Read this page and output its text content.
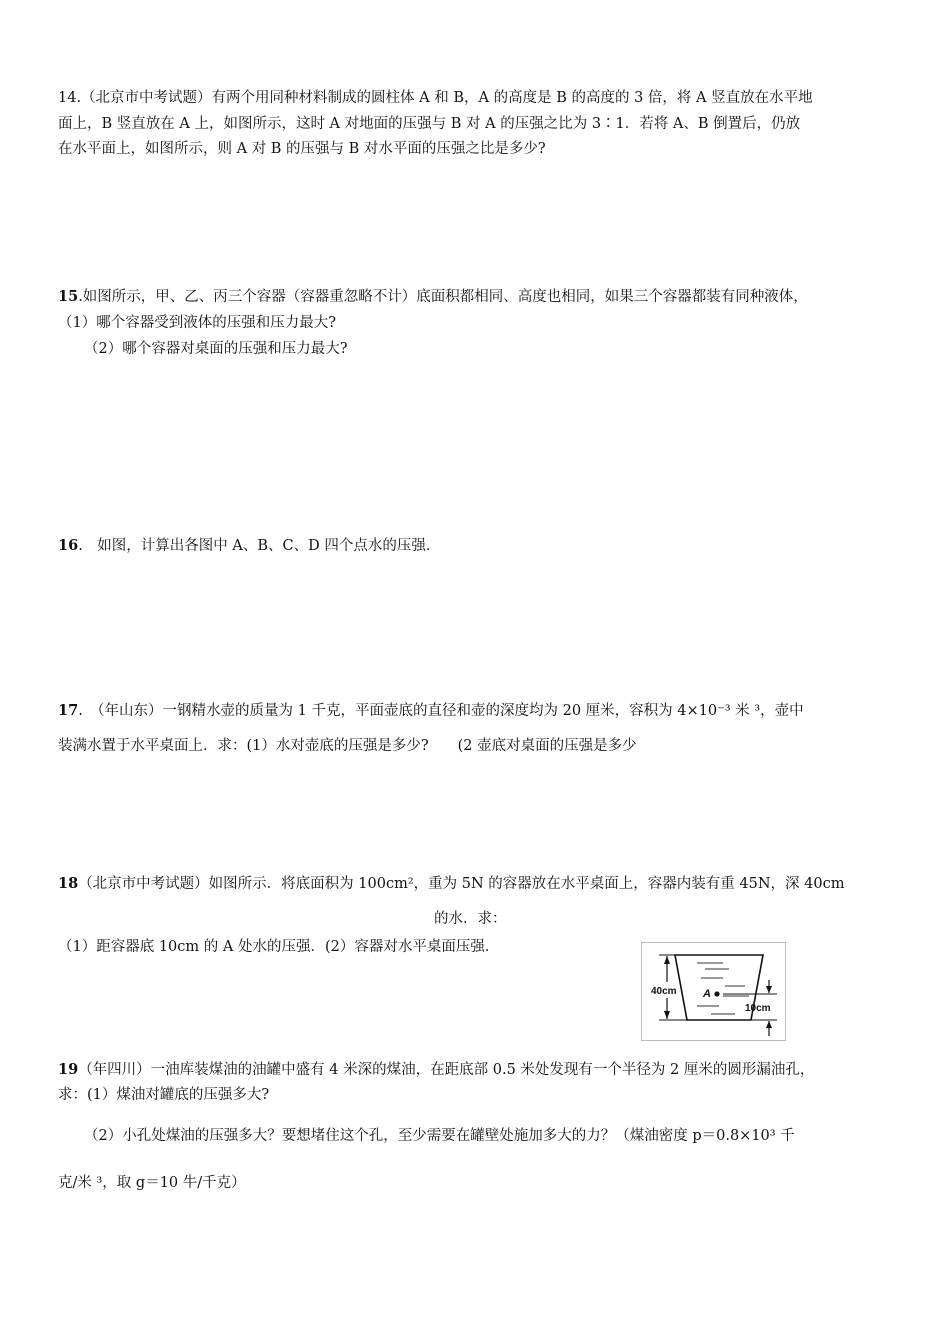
14.（北京市中考试题）有两个用同种材料制成的圆柱体 A 和 B，A 的高度是 B 的高度的 3 倍，将 A 竖直放在水平地
面上，B 竖直放在 A 上，如图所示，这时 A 对地面的压强与 B 对 A 的压强之比为 3∶1．若将 A、B 倒置后，仍放
在水平面上，如图所示，则 A 对 B 的压强与 B 对水平面的压强之比是多少?
15.如图所示，甲、乙、丙三个容器（容器重忽略不计）底面积都相同、高度也相同，如果三个容器都装有同种液体，
（1）哪个容器受到液体的压强和压力最大?
（2）哪个容器对桌面的压强和压力最大?
16.　如图，计算出各图中 A、B、C、D 四个点水的压强．
17.　（年山东）一钢精水壶的质量为 1 千克，平面壶底的直径和壶的深度均为 20 厘米，容积为 4×10⁻³ 米 ³，壶中
装满水置于水平桌面上．求：(1）水对壶底的压强是多少?　　(2 壶底对桌面的压强是多少
18（北京市中考试题）如图所示．将底面积为 100cm²，重为 5N 的容器放在水平桌面上，容器内装有重 45N，深 40cm
的水．求：
（1）距容器底 10cm 的 A 处水的压强．(2）容器对水平桌面压强．
40cm A
10cm
19（年四川）一油库装煤油的油罐中盛有 4 米深的煤油，在距底部 0.5 米处发现有一个半径为 2 厘米的圆形漏油孔，
求：(1）煤油对罐底的压强多大?
（2）小孔处煤油的压强多大？要想堵住这个孔，至少需要在罐壁处施加多大的力？（煤油密度 p＝0.8×10³ 千
克/米 ³，取 g＝10 牛/千克）
